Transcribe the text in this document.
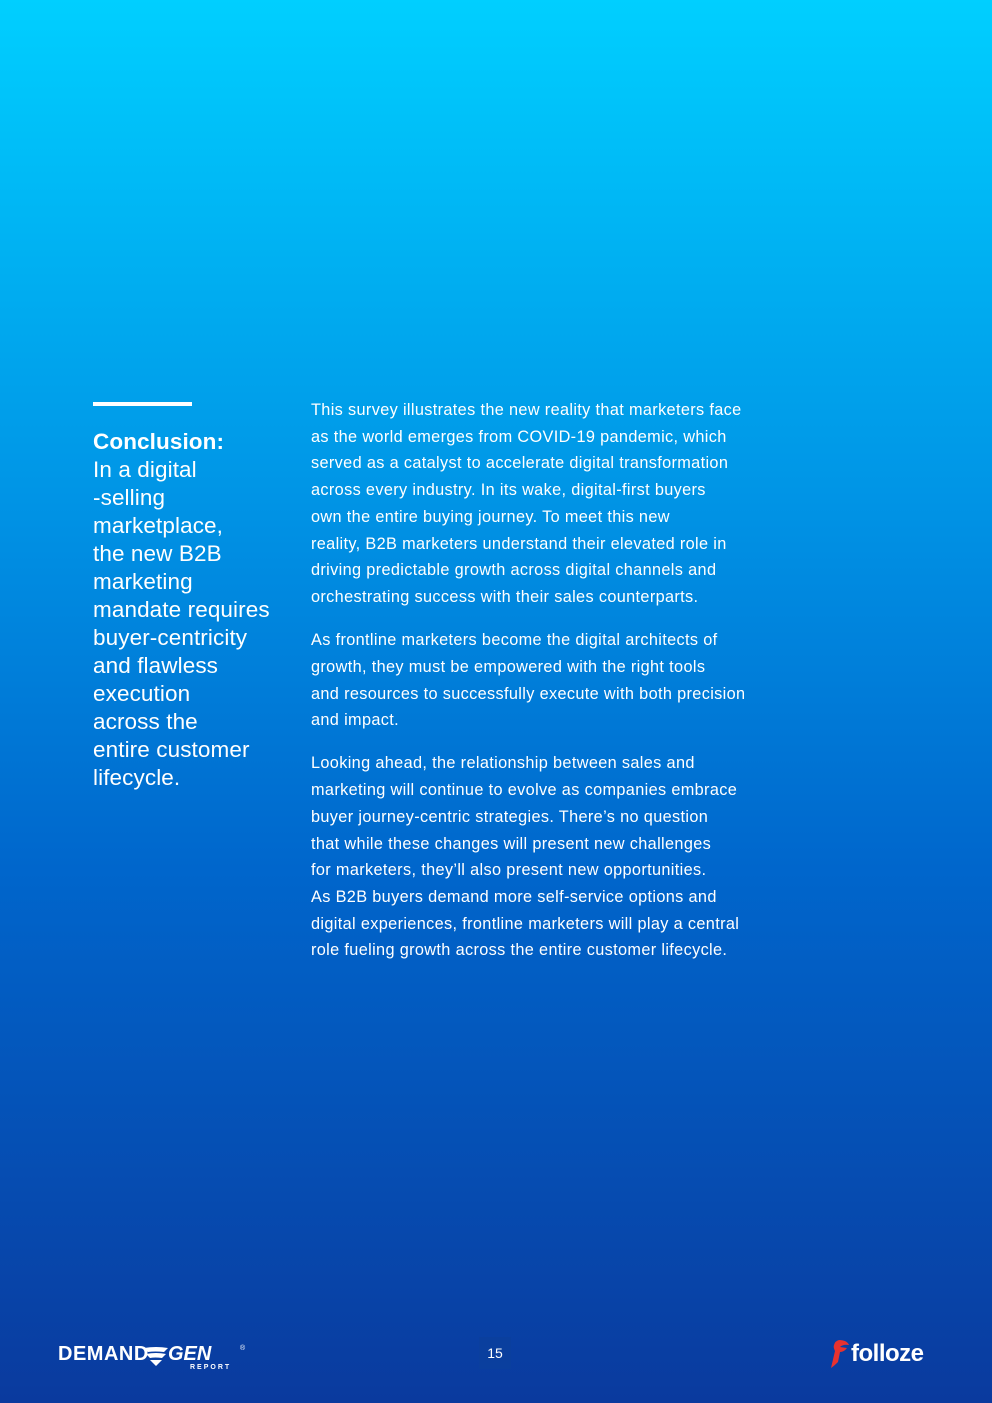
Conclusion:
In a digital
-selling
marketplace,
the new B2B
marketing
mandate requires
buyer-centricity
and flawless
execution
across the
entire customer
lifecycle.

This survey illustrates the new reality that marketers face
as the world emerges from COVID-19 pandemic, which
served as a catalyst to accelerate digital transformation
across every industry. In its wake, digital-first buyers
own the entire buying journey. To meet this new
reality, B2B marketers understand their elevated role in
driving predictable growth across digital channels and
orchestrating success with their sales counterparts.

As frontline marketers become the digital architects of
growth, they must be empowered with the right tools
and resources to successfully execute with both precision
and impact.

Looking ahead, the relationship between sales and
marketing will continue to evolve as companies embrace
buyer journey-centric strategies. There’s no question
that while these changes will present new challenges
for marketers, they’ll also present new opportunities.
As B2B buyers demand more self-service options and
digital experiences, frontline marketers will play a central
role fueling growth across the entire customer lifecycle.

DEMAND GEN	®
REPORT
15	folloze
